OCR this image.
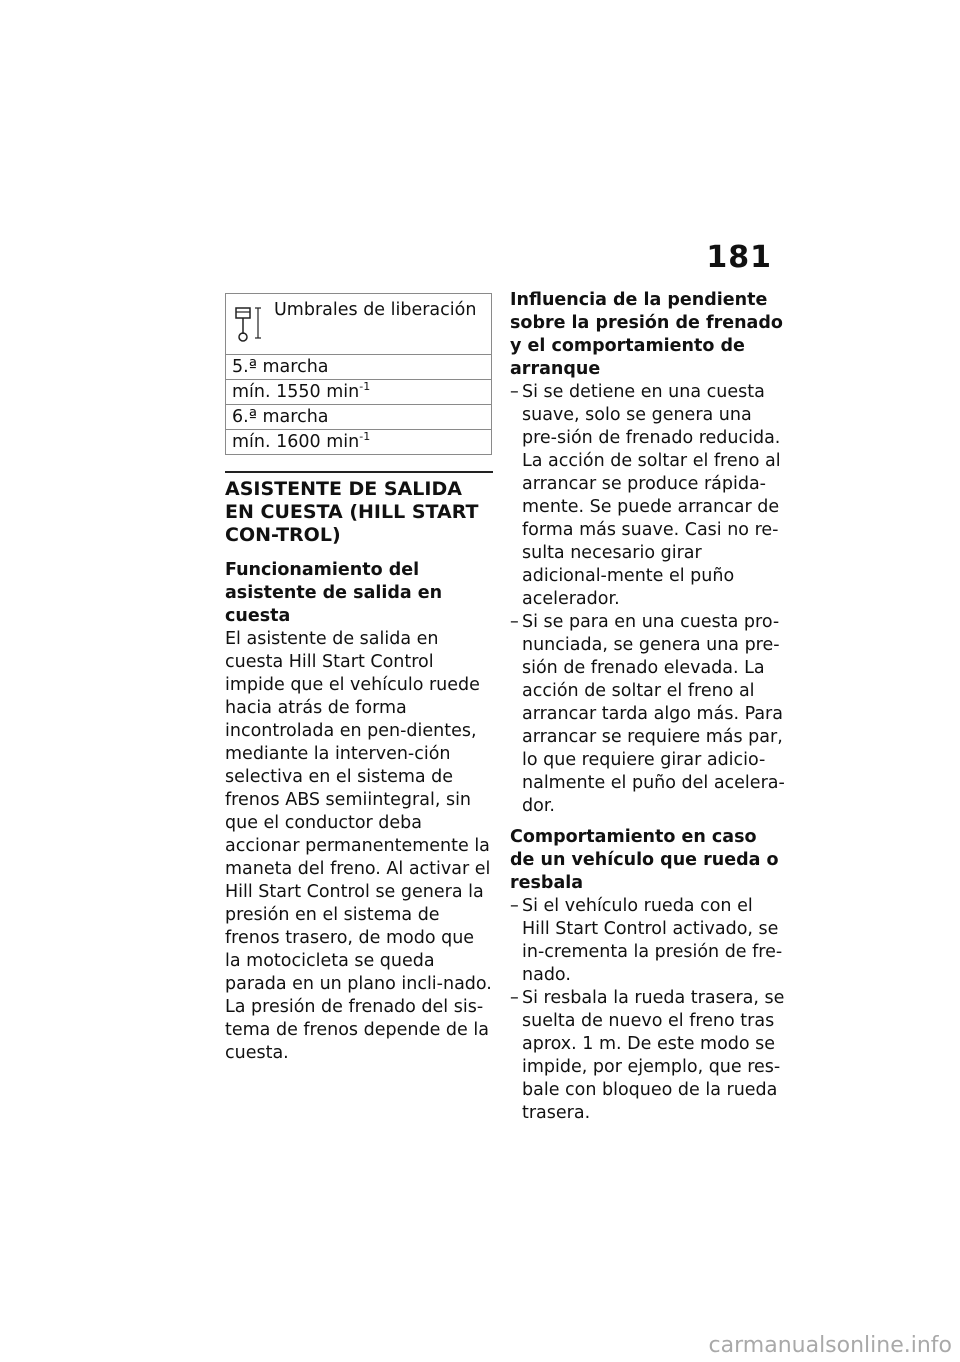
181
Umbrales de liberación

5.ª marcha
mín. 1550 $\min^{-1}$
6.ª marcha
mín. 1600 $\min^{-1}$
ASISTENTE DE SALIDA EN CUESTA (HILL START CON-TROL)
Funcionamiento del asistente de salida en cuesta
El asistente de salida en cuesta Hill Start Control impide que el vehículo ruede hacia atrás de forma incontrolada en pen-dientes, mediante la interven-ción selectiva en el sistema de frenos ABS semiintegral, sin que el conductor deba accionar permanentemente la maneta del freno. Al activar el Hill Start Control se genera la presión en el sistema de frenos trasero, de modo que la motocicleta se queda parada en un plano incli-nado.
La presión de frenado del sis-tema de frenos depende de la cuesta.
Influencia de la pendiente sobre la presión de frenado y el comportamiento de arranque
– Si se detiene en una cuesta suave, solo se genera una pre-sión de frenado reducida. La acción de soltar el freno al arrancar se produce rápida-mente. Se puede arrancar de forma más suave. Casi no re-sulta necesario girar adicional-mente el puño acelerador.
– Si se para en una cuesta pro-nunciada, se genera una pre-sión de frenado elevada. La acción de soltar el freno al arrancar tarda algo más. Para arrancar se requiere más par, lo que requiere girar adicio-nalmente el puño del acelera-dor.
Comportamiento en caso de un vehículo que rueda o resbala
– Si el vehículo rueda con el Hill Start Control activado, se in-crementa la presión de fre-nado.
– Si resbala la rueda trasera, se suelta de nuevo el freno tras aprox. 1 m. De este modo se impide, por ejemplo, que res-bale con bloqueo de la rueda trasera.
carmanualsonline.info
